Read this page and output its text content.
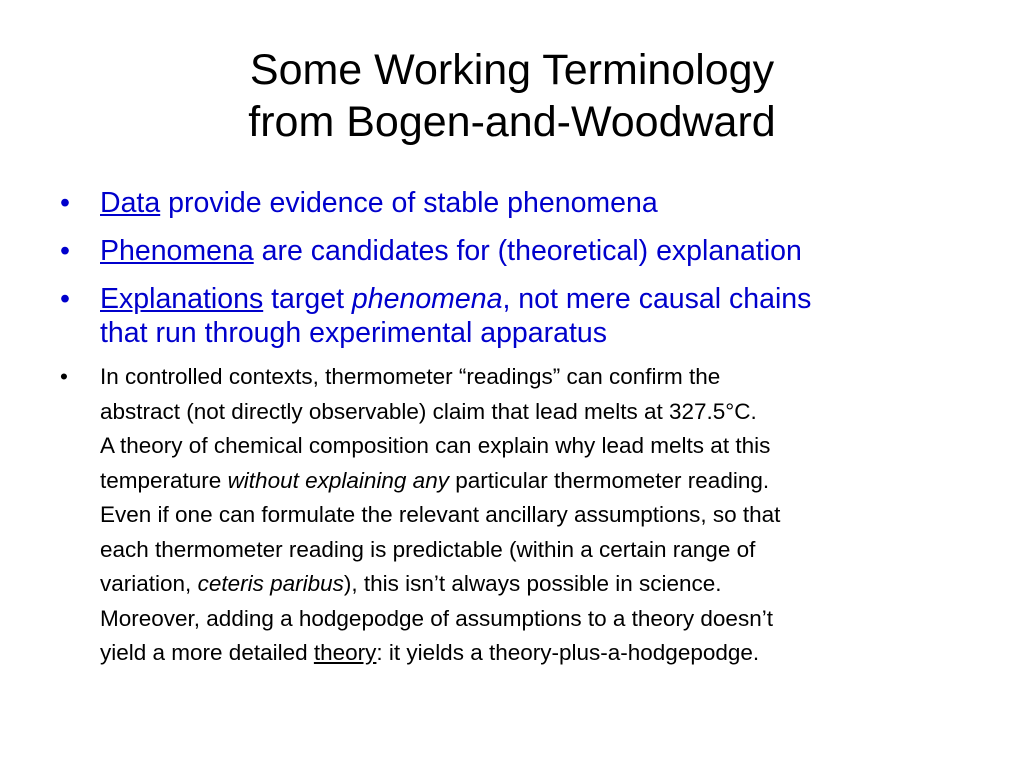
Some Working Terminology
from Bogen-and-Woodward
• Data provide evidence of stable phenomena
• Phenomena are candidates for (theoretical) explanation
• Explanations target phenomena, not mere causal chains
that run through experimental apparatus
• In controlled contexts, thermometer “readings” can confirm the
abstract (not directly observable) claim that lead melts at 327.5°C.
A theory of chemical composition can explain why lead melts at this
temperature without explaining any particular thermometer reading.
Even if one can formulate the relevant ancillary assumptions, so that
each thermometer reading is predictable (within a certain range of
variation, ceteris paribus), this isn’t always possible in science.
Moreover, adding a hodgepodge of assumptions to a theory doesn’t
yield a more detailed theory: it yields a theory-plus-a-hodgepodge.
